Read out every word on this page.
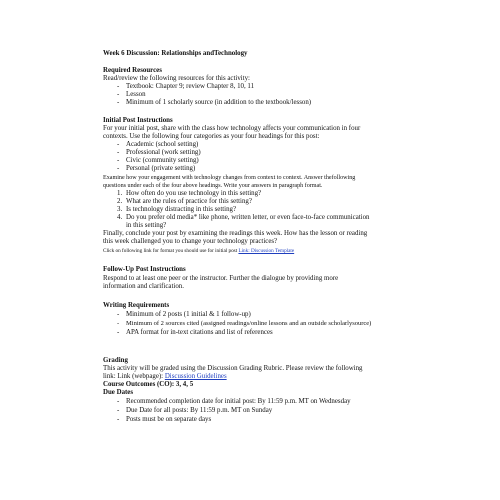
Week 6 Discussion: Relationships andTechnology
Required Resources
Read/review the following resources for this activity:
- Textbook: Chapter 9; review Chapter 8, 10, 11
- Lesson
- Minimum of 1 scholarly source (in addition to the textbook/lesson)
Initial Post Instructions
For your initial post, share with the class how technology affects your communication in four
contexts. Use the following four categories as your four headings for this post:
- Academic (school setting)
- Professional (work setting)
- Civic (community setting)
- Personal (private setting)
Examine how your engagement with technology changes from context to context. Answer thefollowing
questions under each of the four above headings. Write your answers in paragraph format.
1. How often do you use technology in this setting?
2. What are the rules of practice for this setting?
3. Is technology distracting in this setting?
4. Do you prefer old media* like phone, written letter, or even face-to-face communication
in this setting?
Finally, conclude your post by examining the readings this week. How has the lesson or reading
this week challenged you to change your technology practices?
Click on following link for format you should use for initial post Link: Discussion Template
Follow-Up Post Instructions
Respond to at least one peer or the instructor. Further the dialogue by providing more
information and clarification.
Writing Requirements
- Minimum of 2 posts (1 initial & 1 follow-up)
- Minimum of 2 sources cited (assigned readings/online lessons and an outside scholarlysource)
- APA format for in-text citations and list of references
Grading
This activity will be graded using the Discussion Grading Rubric. Please review the following
link: Link (webpage): Discussion Guidelines
Course Outcomes (CO): 3, 4, 5
Due Dates
- Recommended completion date for initial post: By 11:59 p.m. MT on Wednesday
- Due Date for all posts: By 11:59 p.m. MT on Sunday
- Posts must be on separate days
